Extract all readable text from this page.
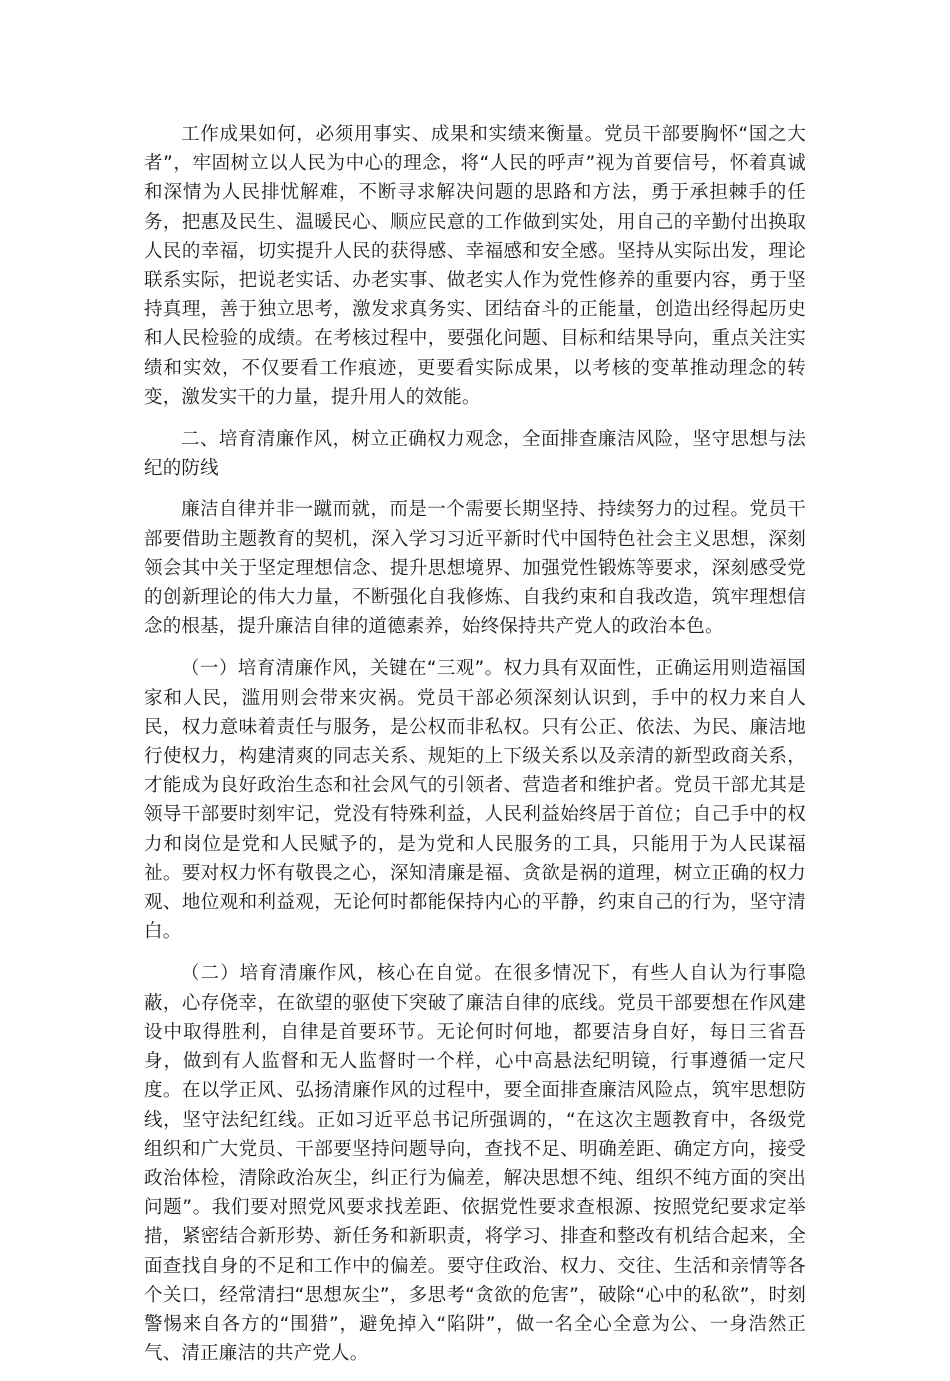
工作成果如何，必须用事实、成果和实绩来衡量。党员干部要胸怀“国之大者”，牢固树立以人民为中心的理念，将“人民的呼声”视为首要信号，怀着真诚和深情为人民排忧解难，不断寻求解决问题的思路和方法，勇于承担棘手的任务，把惠及民生、温暖民心、顺应民意的工作做到实处，用自己的辛勤付出换取人民的幸福，切实提升人民的获得感、幸福感和安全感。坚持从实际出发，理论联系实际，把说老实话、办老实事、做老实人作为党性修养的重要内容，勇于坚持真理，善于独立思考，激发求真务实、团结奋斗的正能量，创造出经得起历史和人民检验的成绩。在考核过程中，要强化问题、目标和结果导向，重点关注实绩和实效，不仅要看工作痕迹，更要看实际成果，以考核的变革推动理念的转变，激发实干的力量，提升用人的效能。

二、培育清廉作风，树立正确权力观念，全面排查廉洁风险，坚守思想与法纪的防线

廉洁自律并非一蹴而就，而是一个需要长期坚持、持续努力的过程。党员干部要借助主题教育的契机，深入学习习近平新时代中国特色社会主义思想，深刻领会其中关于坚定理想信念、提升思想境界、加强党性锻炼等要求，深刻感受党的创新理论的伟大力量，不断强化自我修炼、自我约束和自我改造，筑牢理想信念的根基，提升廉洁自律的道德素养，始终保持共产党人的政治本色。

（一）培育清廉作风，关键在“三观”。权力具有双面性，正确运用则造福国家和人民，滥用则会带来灾祸。党员干部必须深刻认识到，手中的权力来自人民，权力意味着责任与服务，是公权而非私权。只有公正、依法、为民、廉洁地行使权力，构建清爽的同志关系、规矩的上下级关系以及亲清的新型政商关系，才能成为良好政治生态和社会风气的引领者、营造者和维护者。党员干部尤其是领导干部要时刻牢记，党没有特殊利益，人民利益始终居于首位；自己手中的权力和岗位是党和人民赋予的，是为党和人民服务的工具，只能用于为人民谋福祉。要对权力怀有敬畏之心，深知清廉是福、贪欲是祸的道理，树立正确的权力观、地位观和利益观，无论何时都能保持内心的平静，约束自己的行为，坚守清白。

（二）培育清廉作风，核心在自觉。在很多情况下，有些人自认为行事隐蔽，心存侥幸，在欲望的驱使下突破了廉洁自律的底线。党员干部要想在作风建设中取得胜利，自律是首要环节。无论何时何地，都要洁身自好，每日三省吾身，做到有人监督和无人监督时一个样，心中高悬法纪明镜，行事遵循一定尺度。在以学正风、弘扬清廉作风的过程中，要全面排查廉洁风险点，筑牢思想防线，坚守法纪红线。正如习近平总书记所强调的，“在这次主题教育中，各级党组织和广大党员、干部要坚持问题导向，查找不足、明确差距、确定方向，接受政治体检，清除政治灰尘，纠正行为偏差，解决思想不纯、组织不纯方面的突出问题”。我们要对照党风要求找差距、依据党性要求查根源、按照党纪要求定举措，紧密结合新形势、新任务和新职责，将学习、排查和整改有机结合起来，全面查找自身的不足和工作中的偏差。要守住政治、权力、交往、生活和亲情等各个关口，经常清扫“思想灰尘”，多思考“贪欲的危害”，破除“心中的私欲”，时刻警惕来自各方的“围猎”，避免掉入“陷阱”，做一名全心全意为公、一身浩然正气、清正廉洁的共产党人。
